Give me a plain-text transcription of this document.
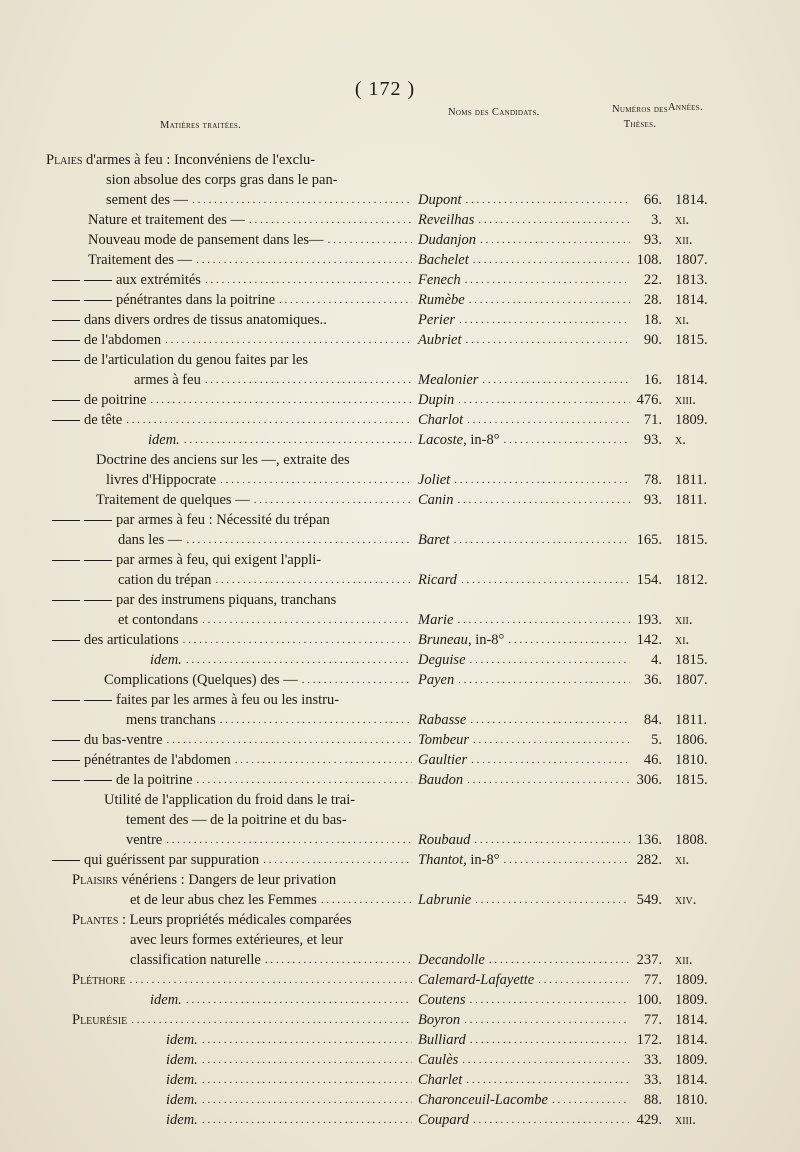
( 172 )
Matières traitées.
Noms des Candidats.	Numéros des Thèses.
Années.
Plaies d'armes à feu : Inconvéniens de l'exclu-
sion absolue des corps gras dans le pan-
sement des — . . .	Dupont . . .	66. 1814.
Nature et traitement des — . . .	Reveilhas . . .	3. xi.
Nouveau mode de pansement dans les— . . .	Dudanjon . . .	93. xii.
Traitement des — . . .	Bachelet . . .	108. 1807.
aux extrémités . . .	Fenech . . .	22. 1813.
pénétrantes dans la poitrine . . .	Rumèbe . . .	28. 1814.
dans divers ordres de tissus anatomiques..	Perier . . .	18. xi.
de l'abdomen . . .	Aubriet . . .	90. 1815.
de l'articulation du genou faites par les
armes à feu . . .	Mealonier . . .	16. 1814.
de poitrine . . .	Dupin . . .	476. xiii.
de tête . . .	Charlot . . .	71. 1809.
idem. . . .	Lacoste, in-8° . . .	93. x.
Doctrine des anciens sur les —, extraite des
livres d'Hippocrate . . .	Joliet . . .	78. 1811.
Traitement de quelques — . . .	Canin . . .	93. 1811.
par armes à feu : Nécessité du trépan
dans les — . . .	Baret . . .	165. 1815.
par armes à feu, qui exigent l'appli-
cation du trépan . . .	Ricard . . .	154. 1812.
par des instrumens piquans, tranchans
et contondans . . .	Marie . . .	193. xii.
des articulations . . .	Bruneau, in-8° . . .	142. xi.
idem. . . .	Deguise . . .	4. 1815.
Complications (Quelques) des — . . .	Payen . . .	36. 1807.
faites par les armes à feu ou les instru-
mens tranchans . . .	Rabasse . . .	84. 1811.
du bas-ventre . . .	Tombeur . . .	5. 1806.
pénétrantes de l'abdomen . . .	Gaultier . . .	46. 1810.
de la poitrine . . .	Baudon . . .	306. 1815.
Utilité de l'application du froid dans le trai-
tement des — de la poitrine et du bas-
ventre . . .	Roubaud . . .	136. 1808.
qui guérissent par suppuration . . .	Thantot, in-8° . . .	282. xi.
Plaisirs vénériens : Dangers de leur privation
et de leur abus chez les Femmes . . .	Labrunie . . .	549. xiv.
Plantes : Leurs propriétés médicales comparées
avec leurs formes extérieures, et leur
classification naturelle . . .	Decandolle . . .	237. xii.
Pléthore . . .	Calemard-Lafayette . . .	77. 1809.
idem. . . .	Coutens . . .	100. 1809.
Pleurésie . . .	Boyron . . .	77. 1814.
idem. . . .	Bulliard . . .	172. 1814.
idem. . . .	Caulès . . .	33. 1809.
idem. . . .	Charlet . . .	33. 1814.
idem. . . .	Charonceuil-Lacombe . . .	88. 1810.
idem. . . .	Coupard . . .	429. xiii.
